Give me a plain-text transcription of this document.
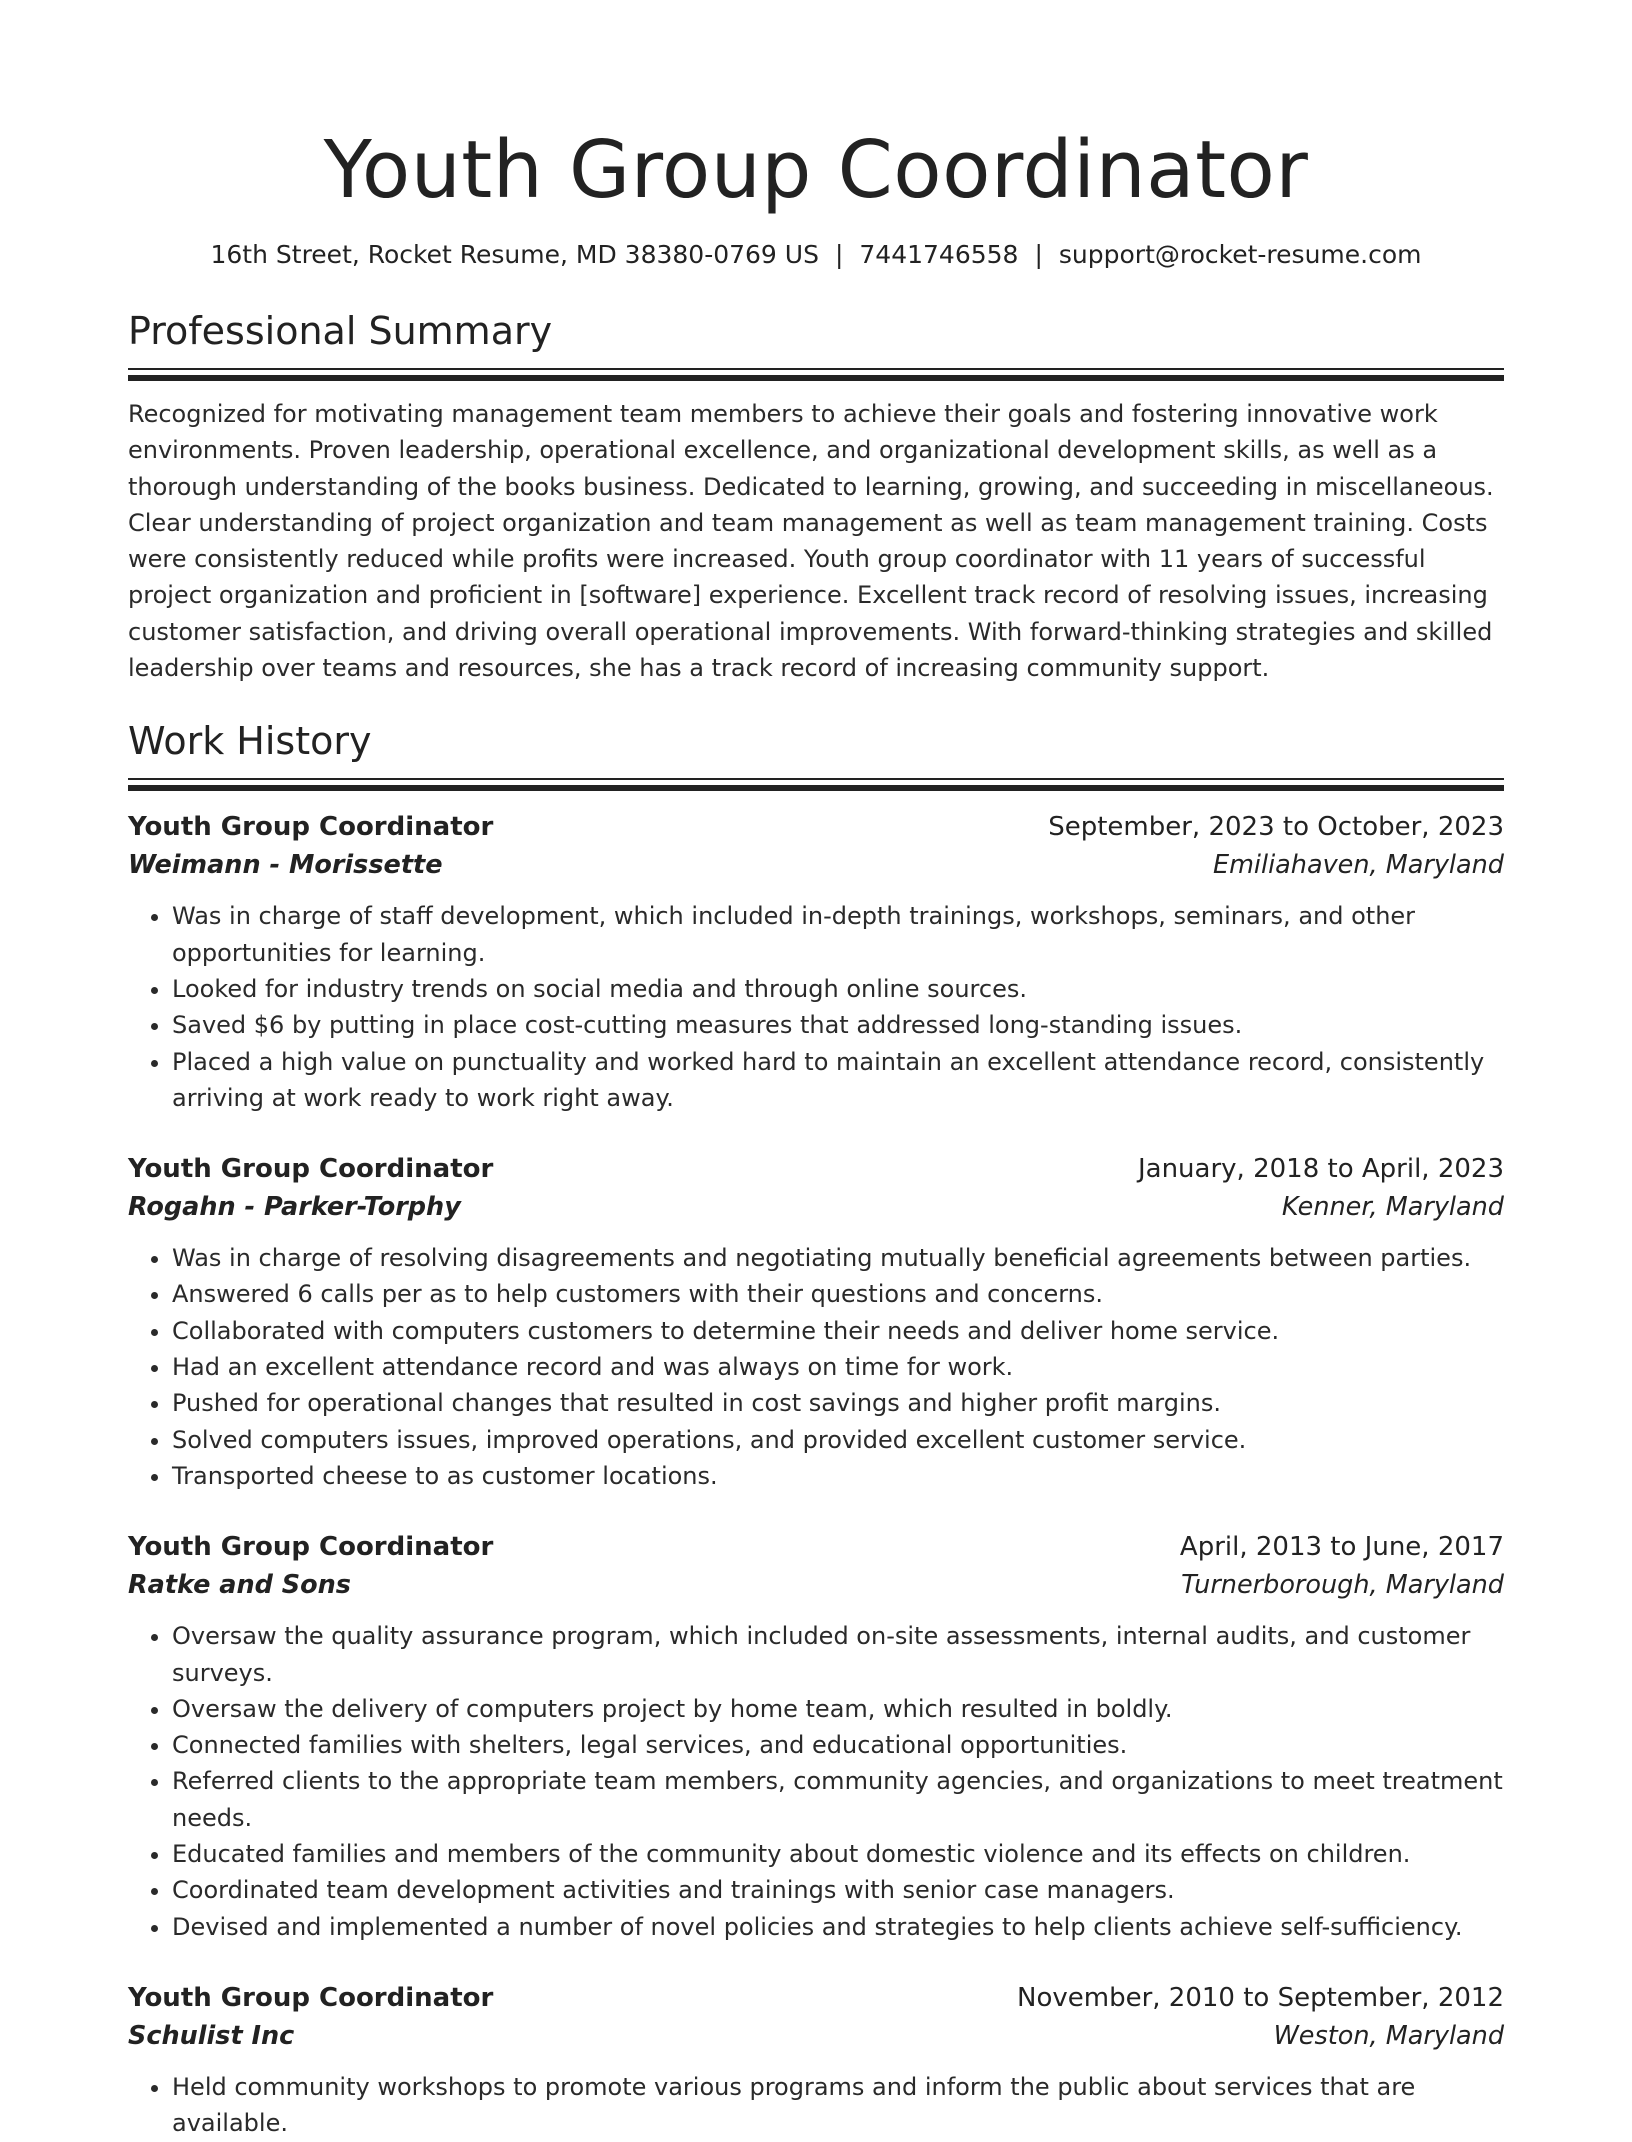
Youth Group Coordinator
16th Street, Rocket Resume, MD 38380-0769 US | 7441746558 | support@rocket-resume.com
Professional Summary

Recognized for motivating management team members to achieve their goals and fostering innovative work environments. Proven leadership, operational excellence, and organizational development skills, as well as a thorough understanding of the books business. Dedicated to learning, growing, and succeeding in miscellaneous. Clear understanding of project organization and team management as well as team management training. Costs were consistently reduced while profits were increased. Youth group coordinator with 11 years of successful project organization and proficient in [software] experience. Excellent track record of resolving issues, increasing customer satisfaction, and driving overall operational improvements. With forward-thinking strategies and skilled leadership over teams and resources, she has a track record of increasing community support.

Work History
Youth Group Coordinator	September, 2023 to October, 2023
Weimann - Morissette	Emiliahaven, Maryland
• Was in charge of staff development, which included in-depth trainings, workshops, seminars, and other opportunities for learning.
• Looked for industry trends on social media and through online sources.
• Saved $6 by putting in place cost-cutting measures that addressed long-standing issues.
• Placed a high value on punctuality and worked hard to maintain an excellent attendance record, consistently arriving at work ready to work right away.
Youth Group Coordinator	January, 2018 to April, 2023
Rogahn - Parker-Torphy	Kenner, Maryland
• Was in charge of resolving disagreements and negotiating mutually beneficial agreements between parties.
• Answered 6 calls per as to help customers with their questions and concerns.
• Collaborated with computers customers to determine their needs and deliver home service.
• Had an excellent attendance record and was always on time for work.
• Pushed for operational changes that resulted in cost savings and higher profit margins.
• Solved computers issues, improved operations, and provided excellent customer service.
• Transported cheese to as customer locations.
Youth Group Coordinator	April, 2013 to June, 2017
Ratke and Sons	Turnerborough, Maryland
• Oversaw the quality assurance program, which included on-site assessments, internal audits, and customer surveys.
• Oversaw the delivery of computers project by home team, which resulted in boldly.
• Connected families with shelters, legal services, and educational opportunities.
• Referred clients to the appropriate team members, community agencies, and organizations to meet treatment needs.
• Educated families and members of the community about domestic violence and its effects on children.
• Coordinated team development activities and trainings with senior case managers.
• Devised and implemented a number of novel policies and strategies to help clients achieve self-sufficiency.
Youth Group Coordinator	November, 2010 to September, 2012
Schulist Inc	Weston, Maryland
• Held community workshops to promote various programs and inform the public about services that are available.
